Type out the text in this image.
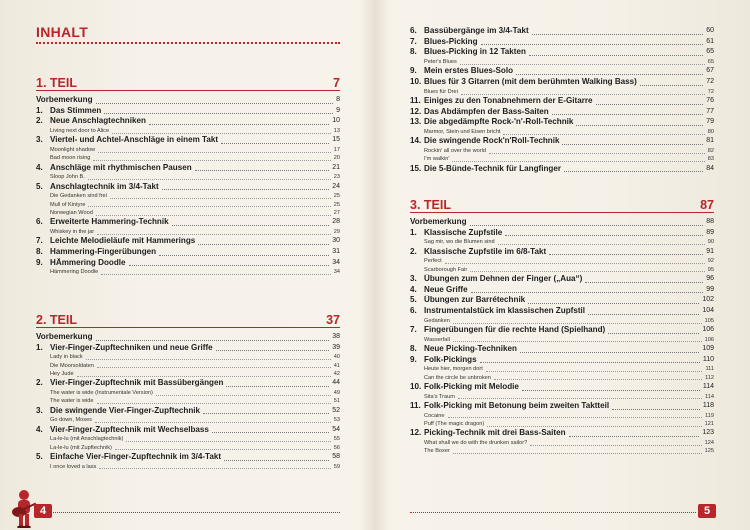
INHALT
1. TEIL	7
Vorbemerkung	8
1. Das Stimmen	9
2. Neue Anschlagtechniken	10
Living next door to Alice	13
3. Viertel- und Achtel-Anschläge in einem Takt	15
Moonlight shadow	17
Bad moon rising	20
4. Anschläge mit rhythmischen Pausen	21
Sloop John B.	23
5. Anschlagtechnik im 3/4-Takt	24
Die Gedanken sind frei	25
Mull of Kintyre	25
Norwegian Wood	27
6. Erweiterte Hammering-Technik	28
Whiskey in the jar	29
7. Leichte Melodieläufe mit Hammerings	30
8. Hammering-Fingerübungen	31
9. HÄmmering Doodle	34
Hämmering Doodle	34
2. TEIL	37
Vorbemerkung	38
1. Vier-Finger-Zupftechniken und neue Griffe	39
Lady in black	40
Die Moorsoldaten	41
Hey Jude	42
2. Vier-Finger-Zupftechnik mit Bassübergängen	44
The water is wide (Instrumentale Version)	49
The water is wide	51
3. Die swingende Vier-Finger-Zupftechnik	52
Go down, Moses	53
4. Vier-Finger-Zupftechnik mit Wechselbass	54
La-le-lu (mit Anschlagtechnik)	55
La-le-lu (mit Zupftechnik)	56
5. Einfache Vier-Finger-Zupftechnik im 3/4-Takt	58
I once loved a lass	59
4
6. Bassübergänge im 3/4-Takt	60
7. Blues-Picking	61
8. Blues-Picking in 12 Takten	65
Peter's Blues	65
9. Mein erstes Blues-Solo	67
10. Blues für 3 Gitarren (mit dem berühmten Walking Bass)	72
Blues für Drei	72
11. Einiges zu den Tonabnehmern der E-Gitarre	76
12. Das Abdämpfen der Bass-Saiten	77
13. Die abgedämpfte Rock-'n'-Roll-Technik	79
Marmor, Stein und Eisen bricht	80
14. Die swingende Rock'n'Roll-Technik	81
Rockin' all over the world	82
I'm walkin'	83
15. Die 5-Bünde-Technik für Langfinger	84
3. TEIL	87
Vorbemerkung	88
1. Klassische Zupfstile	89
Sag mir, wo die Blumen sind	90
2. Klassische Zupfstile im 6/8-Takt	91
Perfect	92
Scarborough Fair	95
3. Übungen zum Dehnen der Finger („Aua“)	96
4. Neue Griffe	99
5. Übungen zur Barrétechnik	102
6. Instrumentalstück im klassischen Zupfstil	104
Gedanken	105
7. Fingerübungen für die rechte Hand (Spielhand)	106
Wasserfall	106
8. Neue Picking-Techniken	109
9. Folk-Pickings	110
Heute hier, morgen dort	111
Can the circle be unbroken	112
10. Folk-Picking mit Melodie	114
Sita's Traum	114
11. Folk-Picking mit Betonung beim zweiten Taktteil	118
Cocaine	119
Puff (The magic dragon)	121
12. Picking-Technik mit drei Bass-Saiten	123
What shall we do with the drunken sailor?	124
The Boxer	125
5
